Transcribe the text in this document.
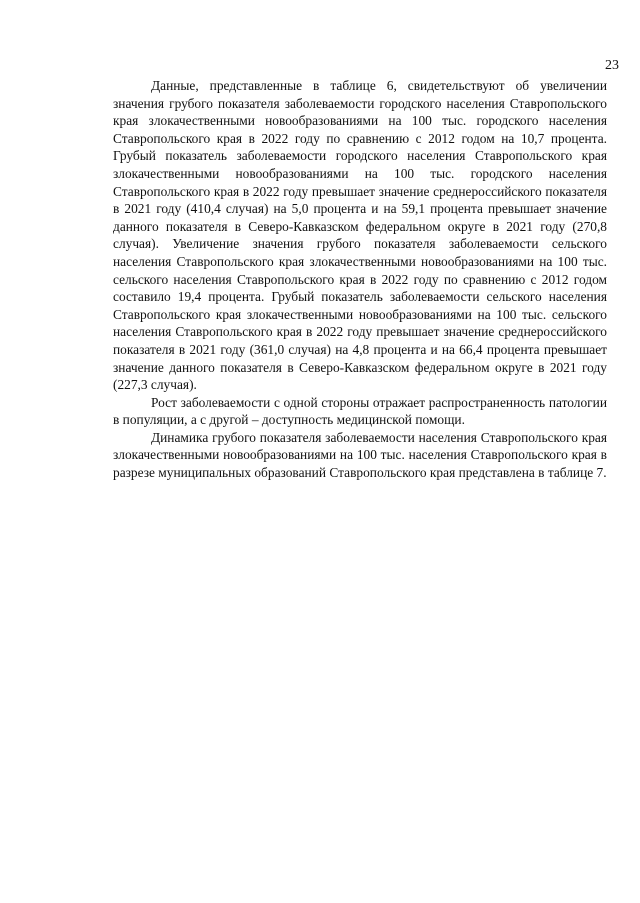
23

Данные, представленные в таблице 6, свидетельствуют об увеличении значения грубого показателя заболеваемости городского населения Ставропольского края злокачественными новообразованиями на 100 тыс. городского населения Ставропольского края в 2022 году по сравнению с 2012 годом на 10,7 процента. Грубый показатель заболеваемости городского населения Ставропольского края злокачественными новообразованиями на 100 тыс. городского населения Ставропольского края в 2022 году превышает значение среднероссийского показателя в 2021 году (410,4 случая) на 5,0 процента и на 59,1 процента превышает значение данного показателя в Северо-Кавказском федеральном округе в 2021 году (270,8 случая). Увеличение значения грубого показателя заболеваемости сельского населения Ставропольского края злокачественными новообразованиями на 100 тыс. сельского населения Ставропольского края в 2022 году по сравнению с 2012 годом составило 19,4 процента. Грубый показатель заболеваемости сельского населения Ставропольского края злокачественными новообразованиями на 100 тыс. сельского населения Ставропольского края в 2022 году превышает значение среднероссийского показателя в 2021 году (361,0 случая) на 4,8 процента и на 66,4 процента превышает значение данного показателя в Северо-Кавказском федеральном округе в 2021 году (227,3 случая).

Рост заболеваемости с одной стороны отражает распространенность патологии в популяции, а с другой – доступность медицинской помощи.

Динамика грубого показателя заболеваемости населения Ставропольского края злокачественными новообразованиями на 100 тыс. населения Ставропольского края в разрезе муниципальных образований Ставропольского края представлена в таблице 7.
